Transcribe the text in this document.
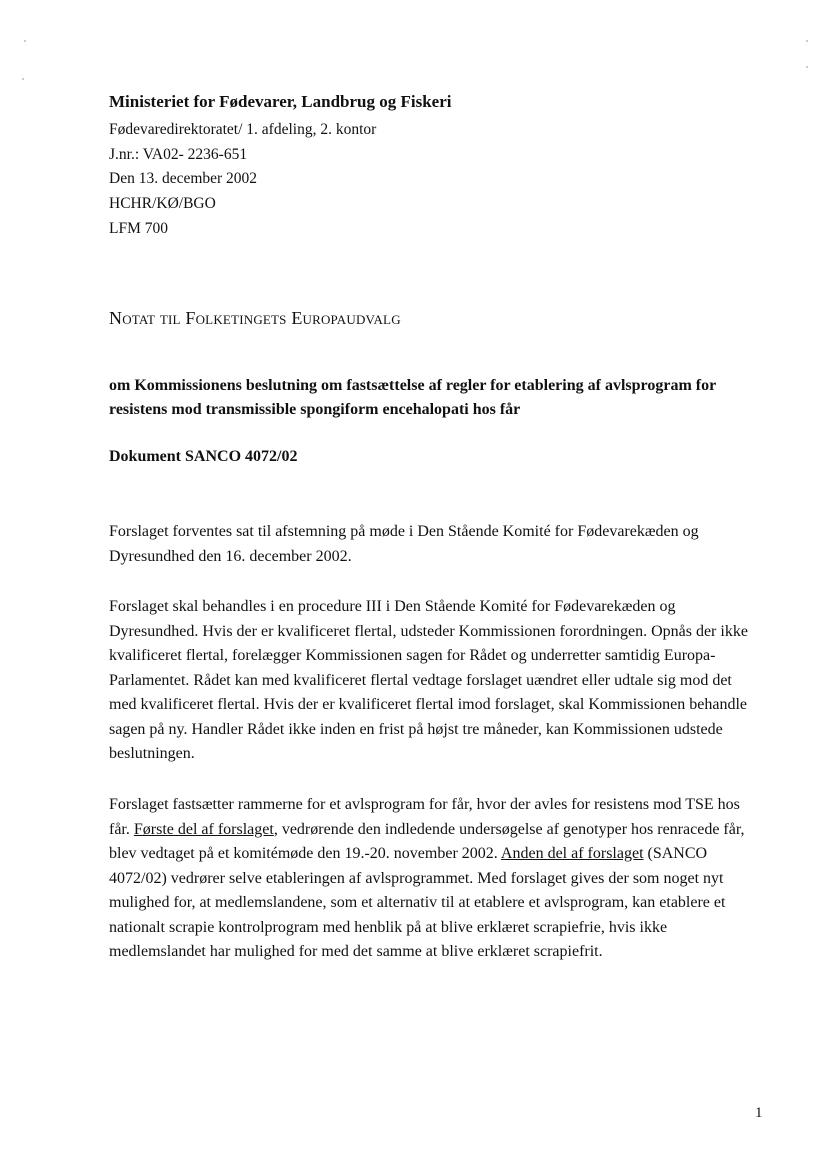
Ministeriet for Fødevarer, Landbrug og Fiskeri

Fødevaredirektoratet/ 1. afdeling, 2. kontor

J.nr.: VA02- 2236-651

Den 13. december 2002

HCHR/KØ/BGO

LFM 700

Notat til Folketingets Europaudvalg

om Kommissionens beslutning om fastsættelse af regler for etablering af avlsprogram for resistens mod transmissible spongiform encehalopati hos får

Dokument SANCO 4072/02

Forslaget forventes sat til afstemning på møde i Den Stående Komité for Fødevarekæden og Dyresundhed den 16. december 2002.

Forslaget skal behandles i en procedure III i Den Stående Komité for Fødevarekæden og Dyresundhed. Hvis der er kvalificeret flertal, udsteder Kommissionen forordningen. Opnås der ikke kvalificeret flertal, forelægger Kommissionen sagen for Rådet og underretter samtidig Europa-Parlamentet. Rådet kan med kvalificeret flertal vedtage forslaget uændret eller udtale sig mod det med kvalificeret flertal. Hvis der er kvalificeret flertal imod forslaget, skal Kommissionen behandle sagen på ny. Handler Rådet ikke inden en frist på højst tre måneder, kan Kommissionen udstede beslutningen.

Forslaget fastsætter rammerne for et avlsprogram for får, hvor der avles for resistens mod TSE hos får. Første del af forslaget, vedrørende den indledende undersøgelse af genotyper hos renracede får, blev vedtaget på et komitémøde den 19.-20. november 2002. Anden del af forslaget (SANCO 4072/02) vedrører selve etableringen af avlsprogrammet. Med forslaget gives der som noget nyt mulighed for, at medlemslandene, som et alternativ til at etablere et avlsprogram, kan etablere et nationalt scrapie kontrolprogram med henblik på at blive erklæret scrapiefrie, hvis ikke medlemslandet har mulighed for med det samme at blive erklæret scrapiefrit.

1
